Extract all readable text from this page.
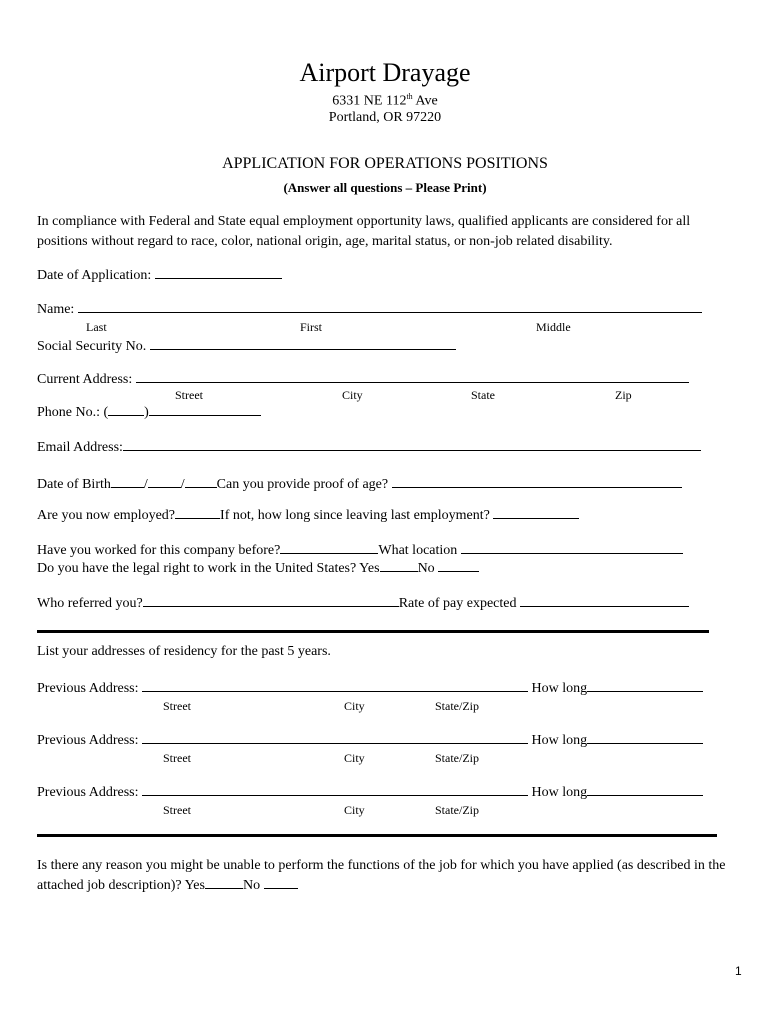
Airport Drayage
6331 NE 112th Ave
Portland, OR 97220
APPLICATION FOR OPERATIONS POSITIONS
(Answer all questions – Please Print)
In compliance with Federal and State equal employment opportunity laws, qualified applicants are considered for all positions without regard to race, color, national origin, age, marital status, or non-job related disability.
Date of Application:
Name:
Last	First	Middle
Social Security No.
Current Address:
Street	City	State	Zip
Phone No.: (	)
Email Address:
Date of Birth / / Can you provide proof of age?
Are you now employed?	If not, how long since leaving last employment?
Have you worked for this company before?	What location
Do you have the legal right to work in the United States? Yes	No
Who referred you?	Rate of pay expected
List your addresses of residency for the past 5 years.
Previous Address:	How long
Street	City	State/Zip
Previous Address:	How long
Street	City	State/Zip
Previous Address:	How long
Street	City	State/Zip
Is there any reason you might be unable to perform the functions of the job for which you have applied (as described in the attached job description)? Yes	No
1
